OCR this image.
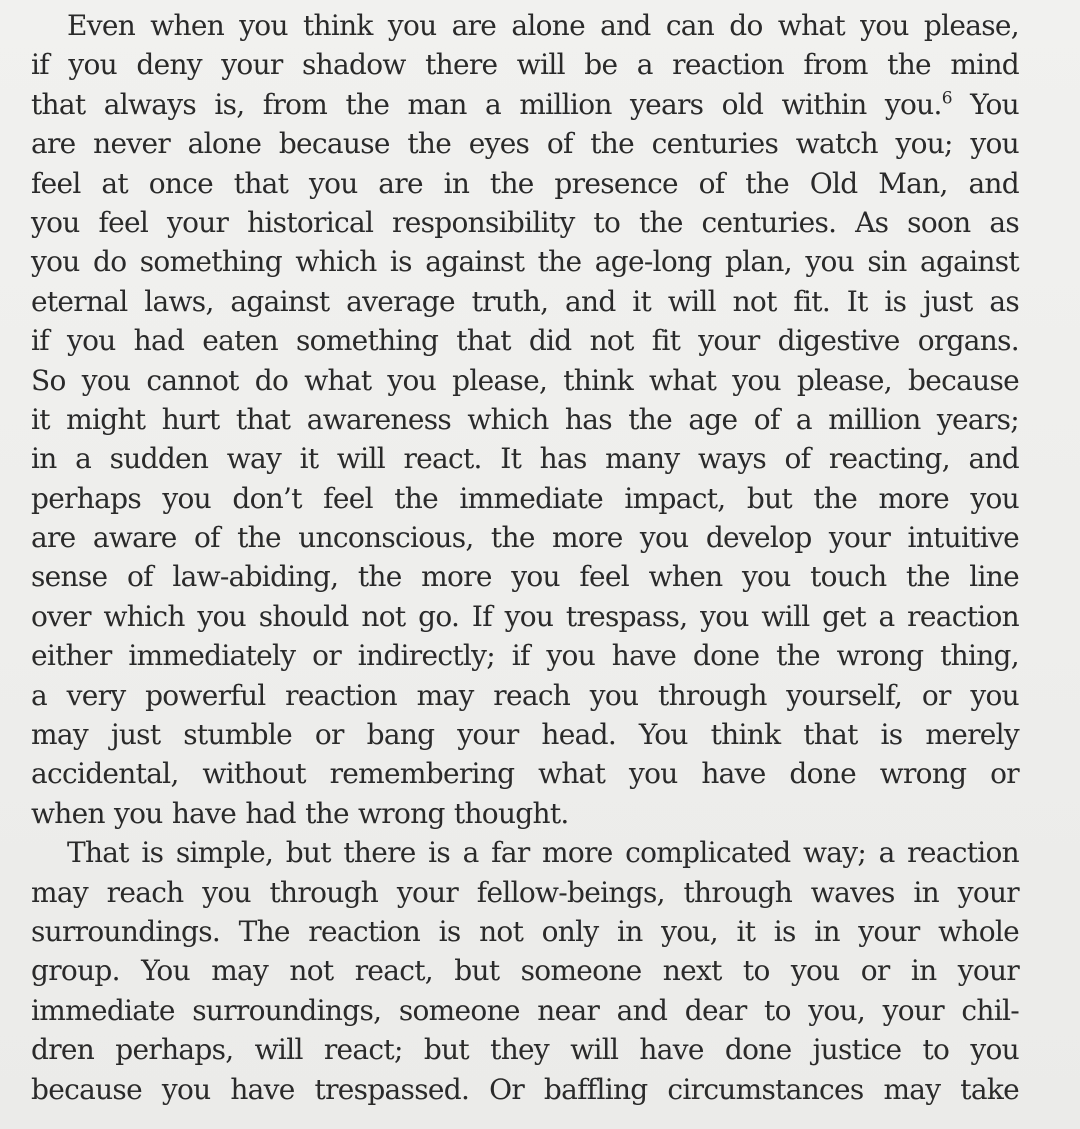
Even when you think you are alone and can do what you please,
if you deny your shadow there will be a reaction from the mind
that always is, from the man a million years old within you.$^6$ You
are never alone because the eyes of the centuries watch you; you
feel at once that you are in the presence of the Old Man, and
you feel your historical responsibility to the centuries. As soon as
you do something which is against the age-long plan, you sin against
eternal laws, against average truth, and it will not fit. It is just as
if you had eaten something that did not fit your digestive organs.
So you cannot do what you please, think what you please, because
it might hurt that awareness which has the age of a million years;
in a sudden way it will react. It has many ways of reacting, and
perhaps you don’t feel the immediate impact, but the more you
are aware of the unconscious, the more you develop your intuitive
sense of law-abiding, the more you feel when you touch the line
over which you should not go. If you trespass, you will get a reaction
either immediately or indirectly; if you have done the wrong thing,
a very powerful reaction may reach you through yourself, or you
may just stumble or bang your head. You think that is merely
accidental, without remembering what you have done wrong or
when you have had the wrong thought.
That is simple, but there is a far more complicated way; a reaction
may reach you through your fellow-beings, through waves in your
surroundings. The reaction is not only in you, it is in your whole
group. You may not react, but someone next to you or in your
immediate surroundings, someone near and dear to you, your chil-
dren perhaps, will react; but they will have done justice to you
because you have trespassed. Or baffling circumstances may take
